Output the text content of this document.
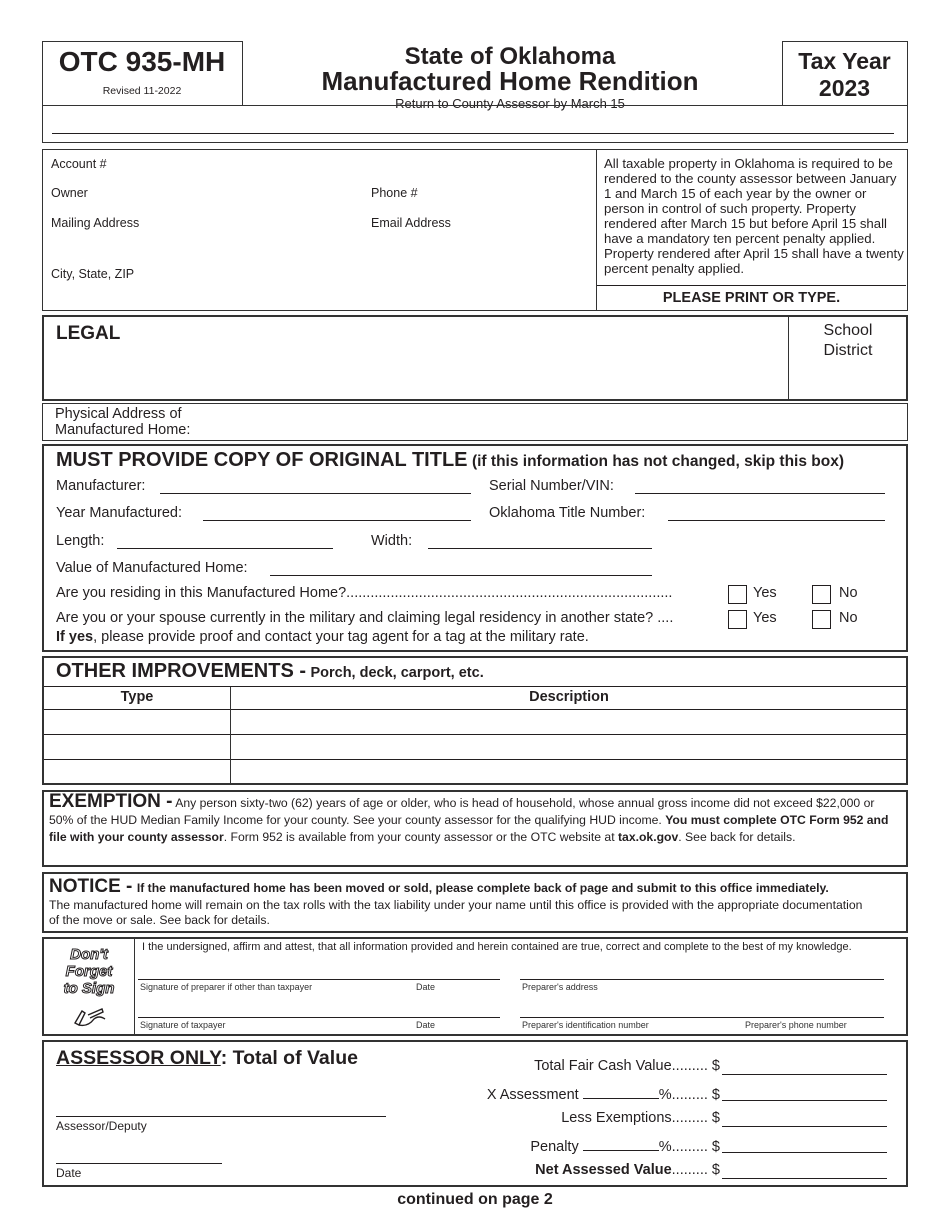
OTC 935-MH
Revised 11-2022
State of Oklahoma
Manufactured Home Rendition
Return to County Assessor by March 15
Tax Year
2023
Account #
Owner	Phone #
Mailing Address	Email Address
City, State, ZIP
All taxable property in Oklahoma is required to be rendered to the county assessor between January 1 and March 15 of each year by the owner or person in control of such property. Property rendered after March 15 but before April 15 shall have a mandatory ten percent penalty applied. Property rendered after April 15 shall have a twenty percent penalty applied.
PLEASE PRINT OR TYPE.
LEGAL	School
District
Physical Address of
Manufactured Home:
MUST PROVIDE COPY OF ORIGINAL TITLE (if this information has not changed, skip this box)
Manufacturer:	Serial Number/VIN:
Year Manufactured:	Oklahoma Title Number:
Length:	Width:
Value of Manufactured Home:
Are you residing in this Manufactured Home?.................................................................................	Yes	No
Are you or your spouse currently in the military and claiming legal residency in another state? ....	Yes	No
If yes, please provide proof and contact your tag agent for a tag at the military rate.
OTHER IMPROVEMENTS - Porch, deck, carport, etc.
Type	Description
EXEMPTION - Any person sixty-two (62) years of age or older, who is head of household, whose annual gross income did not exceed $22,000 or 50% of the HUD Median Family Income for your county. See your county assessor for the qualifying HUD income. You must complete OTC Form 952 and file with your county assessor. Form 952 is available from your county assessor or the OTC website at tax.ok.gov. See back for details.
NOTICE - If the manufactured home has been moved or sold, please complete back of page and submit to this office immediately.
The manufactured home will remain on the tax rolls with the tax liability under your name until this office is provided with the appropriate documentation of the move or sale. See back for details.
Don't
Forget
to Sign
I the undersigned, affirm and attest, that all information provided and herein contained are true, correct and complete to the best of my knowledge.
Signature of preparer if other than taxpayer	Date	Preparer's address
Signature of taxpayer	Date	Preparer's identification number	Preparer's phone number
ASSESSOR ONLY: Total of Value
Assessor/Deputy
Date
Total Fair Cash Value......... $
X Assessment	%......... $
Less Exemptions......... $
Penalty	%......... $
Net Assessed Value......... $
continued on page 2
